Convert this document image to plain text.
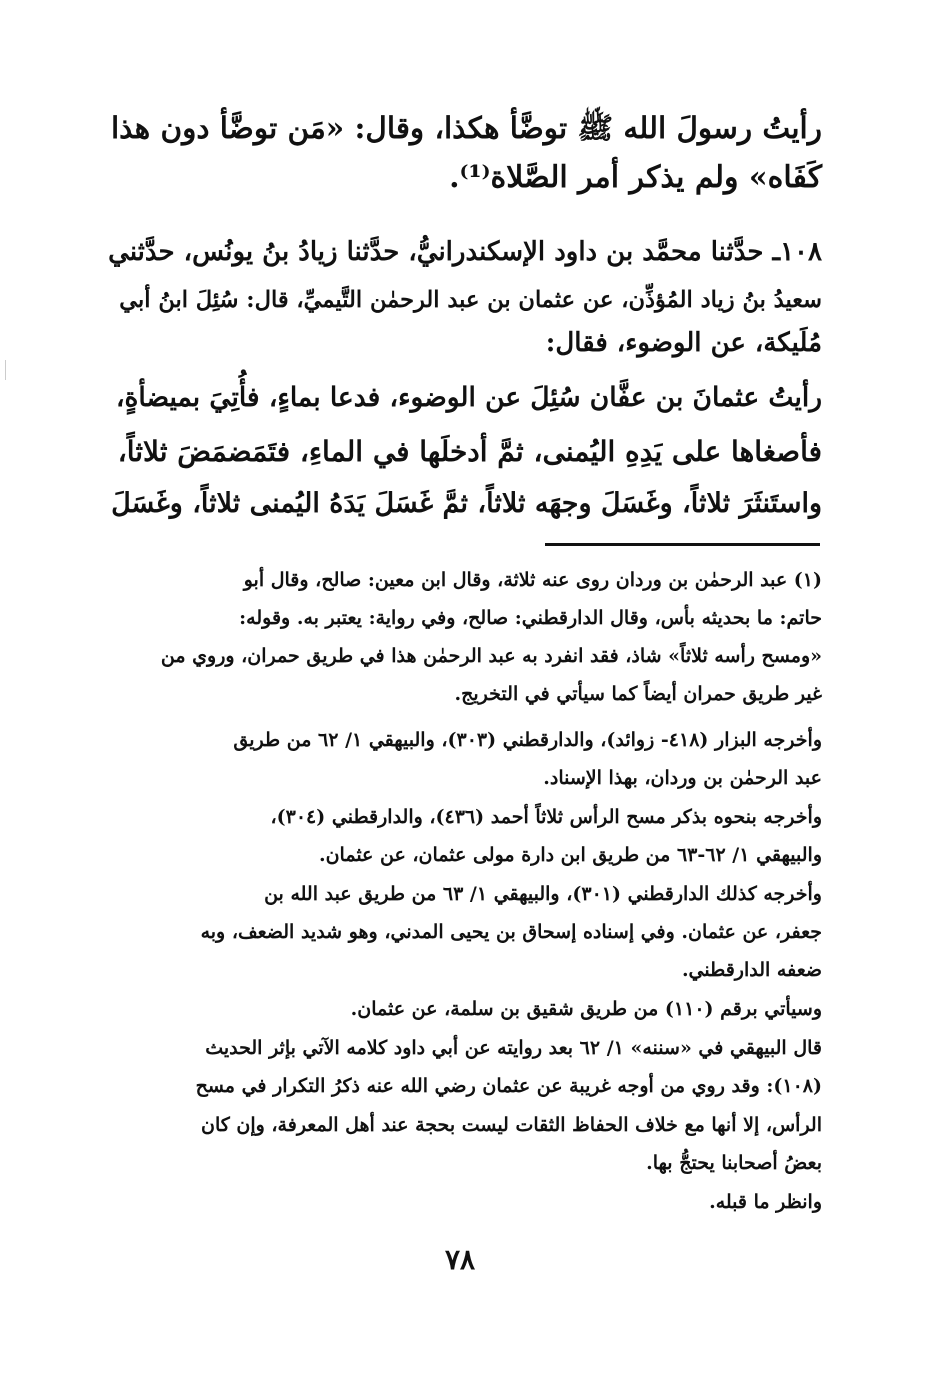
رأيتُ رسولَ الله ﷺ توضَّأ هكذا، وقال: «مَن توضَّأ دون هذا
كَفَاه» ولم يذكر أمر الصَّلاة⁽¹⁾.
١٠٨ـ حدَّثنا محمَّد بن داود الإسكندرانيُّ، حدَّثنا زيادُ بنُ يونُس، حدَّثني
سعيدُ بنُ زياد المُؤذِّن، عن عثمان بن عبد الرحمٰن التَّيميِّ، قال: سُئِلَ ابنُ أبي
مُلَيكة، عن الوضوء، فقال:
رأيتُ عثمانَ بن عفَّان سُئِلَ عن الوضوء، فدعا بماءٍ، فأُتِيَ بميضأةٍ،
فأصغاها على يَدِهِ اليُمنى، ثمَّ أدخلَها في الماءِ، فتَمَضمَضَ ثلاثاً،
واستَنثَرَ ثلاثاً، وغَسَلَ وجهَه ثلاثاً، ثمَّ غَسَلَ يَدَهُ اليُمنى ثلاثاً، وغَسَلَ
(١) عبد الرحمٰن بن وردان روى عنه ثلاثة، وقال ابن معين: صالح، وقال أبو
حاتم: ما بحديثه بأس، وقال الدارقطني: صالح، وفي رواية: يعتبر به. وقوله:
«ومسح رأسه ثلاثاً» شاذ، فقد انفرد به عبد الرحمٰن هذا في طريق حمران، وروي من
غير طريق حمران أيضاً كما سيأتي في التخريج.
وأخرجه البزار (٤١٨- زوائد)، والدارقطني (٣٠٣)، والبيهقي ١/ ٦٢ من طريق
عبد الرحمٰن بن وردان، بهذا الإسناد.
وأخرجه بنحوه بذكر مسح الرأس ثلاثاً أحمد (٤٣٦)، والدارقطني (٣٠٤)،
والبيهقي ١/ ٦٢-٦٣ من طريق ابن دارة مولى عثمان، عن عثمان.
وأخرجه كذلك الدارقطني (٣٠١)، والبيهقي ١/ ٦٣ من طريق عبد الله بن
جعفر، عن عثمان. وفي إسناده إسحاق بن يحيى المدني، وهو شديد الضعف، وبه
ضعفه الدارقطني.
وسيأتي برقم (١١٠) من طريق شقيق بن سلمة، عن عثمان.
قال البيهقي في «سننه» ١/ ٦٢ بعد روايته عن أبي داود كلامه الآتي بإثر الحديث
(١٠٨): وقد روي من أوجه غريبة عن عثمان رضي الله عنه ذكرُ التكرار في مسح
الرأس، إلا أنها مع خلاف الحفاظ الثقات ليست بحجة عند أهل المعرفة، وإن كان
بعضُ أصحابنا يحتجُّ بها.
وانظر ما قبله.
٧٨
